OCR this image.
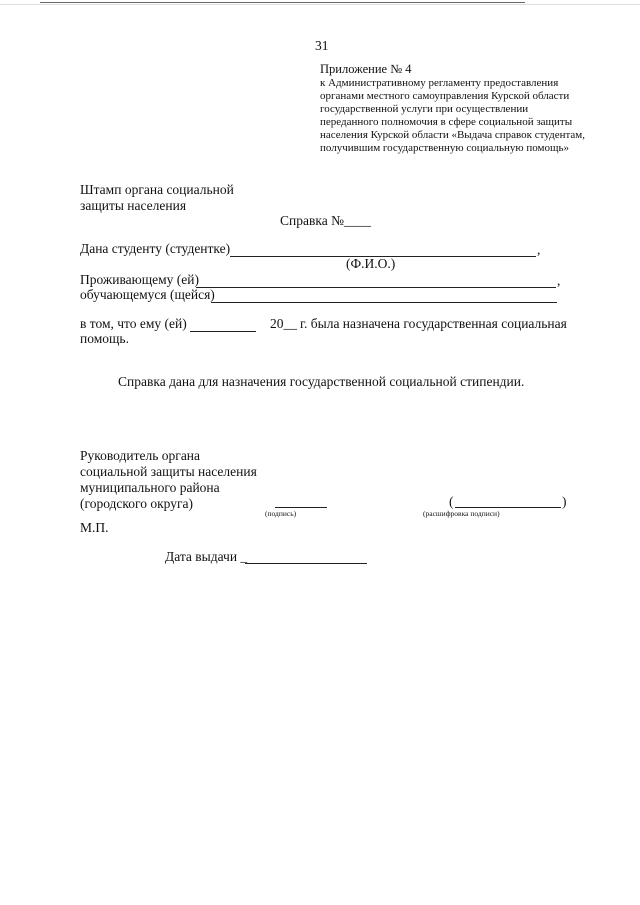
31
Приложение № 4
к Административному регламенту предоставления
органами местного самоуправления Курской области
государственной услуги при осуществлении
переданного полномочия в сфере социальной защиты
населения Курской области «Выдача справок студентам,
получившим государственную социальную помощь»
Штамп органа социальной
защиты населения
Справка №____
Дана студенту (студентке)	,
(Ф.И.О.)
Проживающему (ей)	,
обучающемуся (щейся)
в том, что ему (ей)	20__ г. была назначена государственная социальная
помощь.
Справка дана для назначения государственной социальной стипендии.
Руководитель органа
социальной защиты населения
муниципального района
(городского округа)
(подпись)
(	)
(расшифровка подписи)
М.П.
Дата выдачи _
